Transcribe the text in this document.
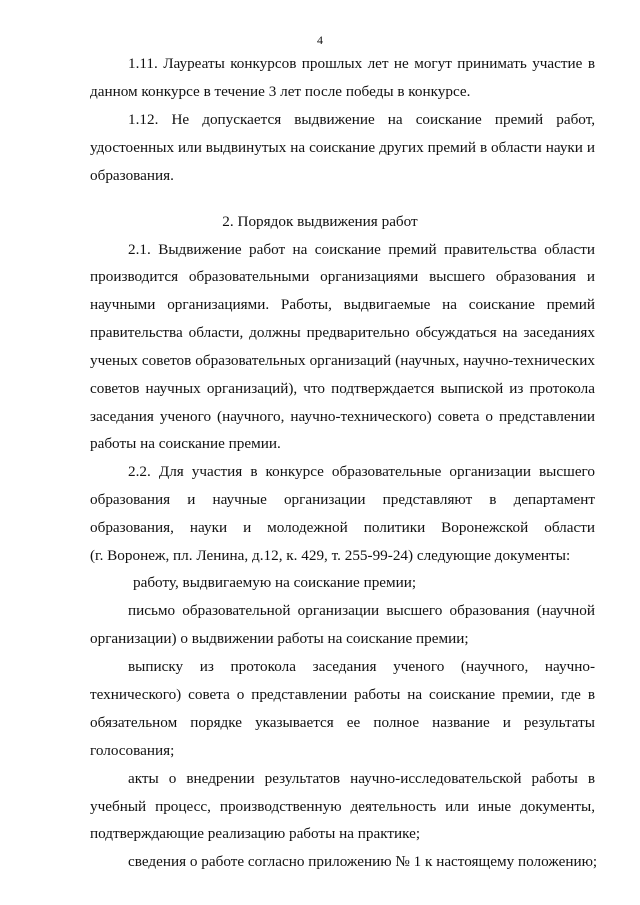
4
1.11. Лауреаты конкурсов прошлых лет не могут принимать участие в
данном конкурсе в течение 3 лет после победы в конкурсе.
1.12. Не допускается выдвижение на соискание премий работ,
удостоенных или выдвинутых на соискание других премий в области науки и
образования.
2. Порядок выдвижения работ
2.1. Выдвижение работ на соискание премий правительства области
производится образовательными организациями высшего образования и
научными организациями. Работы, выдвигаемые на соискание премий
правительства области, должны предварительно обсуждаться на заседаниях
ученых советов образовательных организаций (научных, научно-технических
советов научных организаций), что подтверждается выпиской из протокола
заседания ученого (научного, научно-технического) совета о представлении
работы на соискание премии.
2.2. Для участия в конкурсе образовательные организации высшего
образования и научные организации представляют в департамент
образования, науки и молодежной политики Воронежской области
(г. Воронеж, пл. Ленина, д.12, к. 429, т. 255-99-24) следующие документы:
работу, выдвигаемую на соискание премии;
письмо образовательной организации высшего образования (научной
организации) о выдвижении работы на соискание премии;
выписку из протокола заседания ученого (научного, научно-
технического) совета о представлении работы на соискание премии, где в
обязательном порядке указывается ее полное название и результаты
голосования;
акты о внедрении результатов научно-исследовательской работы в
учебный процесс, производственную деятельность или иные документы,
подтверждающие реализацию работы на практике;
сведения о работе согласно приложению № 1 к настоящему положению;
